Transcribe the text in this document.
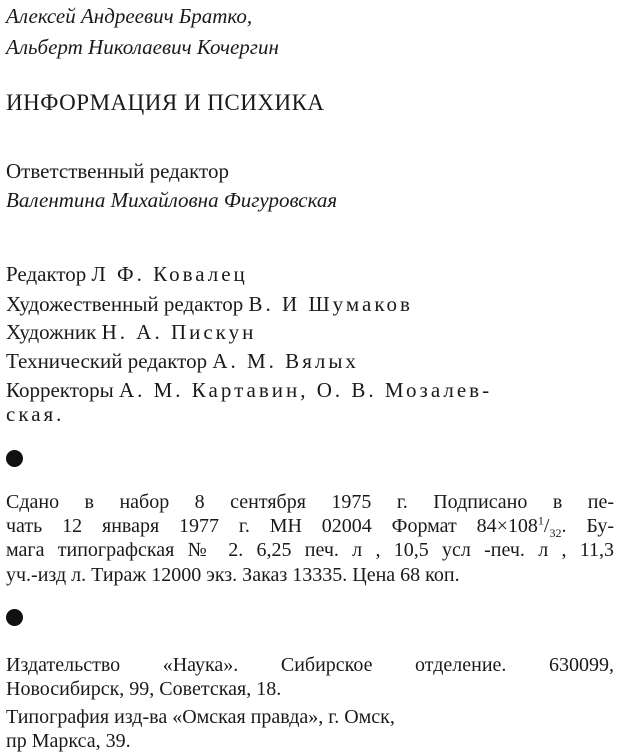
Алексей Андреевич Братко,
Альберт Николаевич Кочергин
ИНФОРМАЦИЯ И ПСИХИКА
Ответственный редактор
Валентина Михайловна Фигуровская
Редактор Л Ф. Ковалец
Художественный редактор В. И Шумаков
Художник Н. А. Пискун
Технический редактор А. М. Вялых
Корректоры А. М. Картавин, О. В. Мозалев-
ская.
Сдано в набор 8 сентября 1975 г. Подписано в пе-
чать 12 января 1977 г. МН 02004 Формат $84\times 108^1/_{32}$. Бу-
мага типографская № 2. 6,25 печ. л , 10,5 усл -печ. л , 11,3
уч.-изд л. Тираж 12000 экз. Заказ 13335. Цена 68 коп.
Издательство «Наука». Сибирское отделение. 630099,
Новосибирск, 99, Советская, 18.
Типография изд-ва «Омская правда», г. Омск,
пр Маркса, 39.
